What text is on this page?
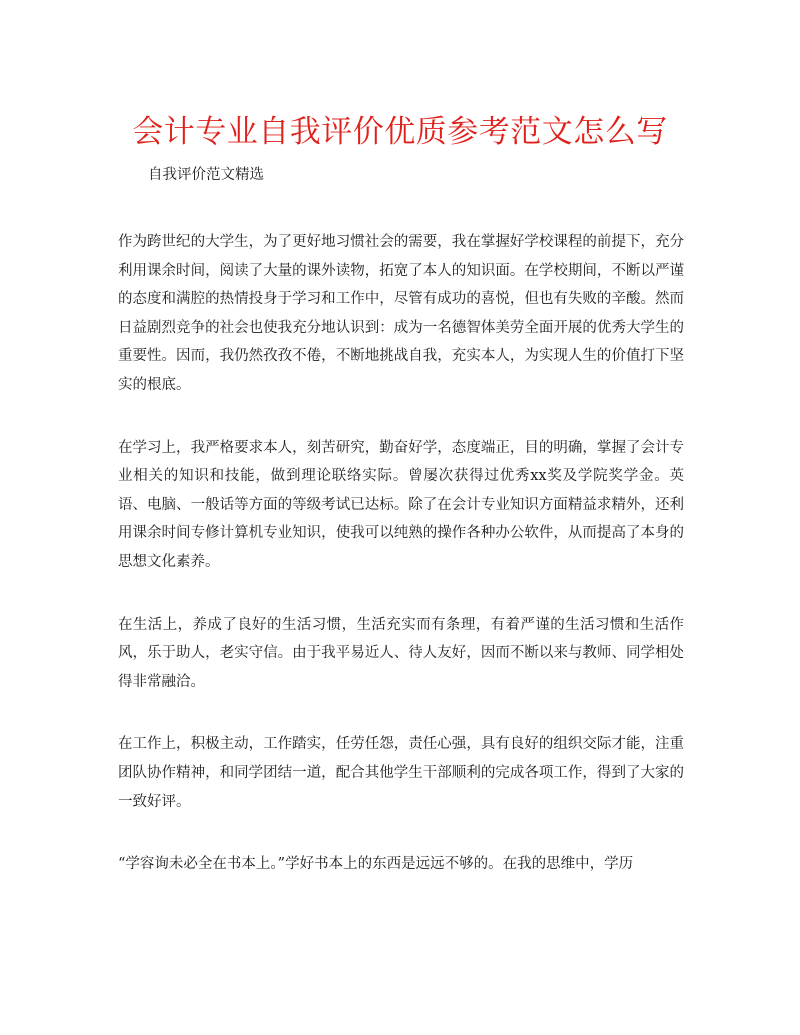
会计专业自我评价优质参考范文怎么写

自我评价范文精选

作为跨世纪的大学生，为了更好地习惯社会的需要，我在掌握好学校课程的前提下，充分利用课余时间，阅读了大量的课外读物，拓宽了本人的知识面。在学校期间，不断以严谨的态度和满腔的热情投身于学习和工作中，尽管有成功的喜悦，但也有失败的辛酸。然而日益剧烈竞争的社会也使我充分地认识到：成为一名德智体美劳全面开展的优秀大学生的重要性。因而，我仍然孜孜不倦，不断地挑战自我，充实本人，为实现人生的价值打下坚实的根底。

在学习上，我严格要求本人，刻苦研究，勤奋好学，态度端正，目的明确，掌握了会计专业相关的知识和技能，做到理论联络实际。曾屡次获得过优秀xx奖及学院奖学金。英语、电脑、一般话等方面的等级考试已达标。除了在会计专业知识方面精益求精外，还利用课余时间专修计算机专业知识，使我可以纯熟的操作各种办公软件，从而提高了本身的思想文化素养。

在生活上，养成了良好的生活习惯，生活充实而有条理，有着严谨的生活习惯和生活作风，乐于助人，老实守信。由于我平易近人、待人友好，因而不断以来与教师、同学相处得非常融洽。

在工作上，积极主动，工作踏实，任劳任怨，责任心强，具有良好的组织交际才能，注重团队协作精神，和同学团结一道，配合其他学生干部顺利的完成各项工作，得到了大家的一致好评。

“学容询未必全在书本上。”学好书本上的东西是远远不够的。在我的思维中，学历
